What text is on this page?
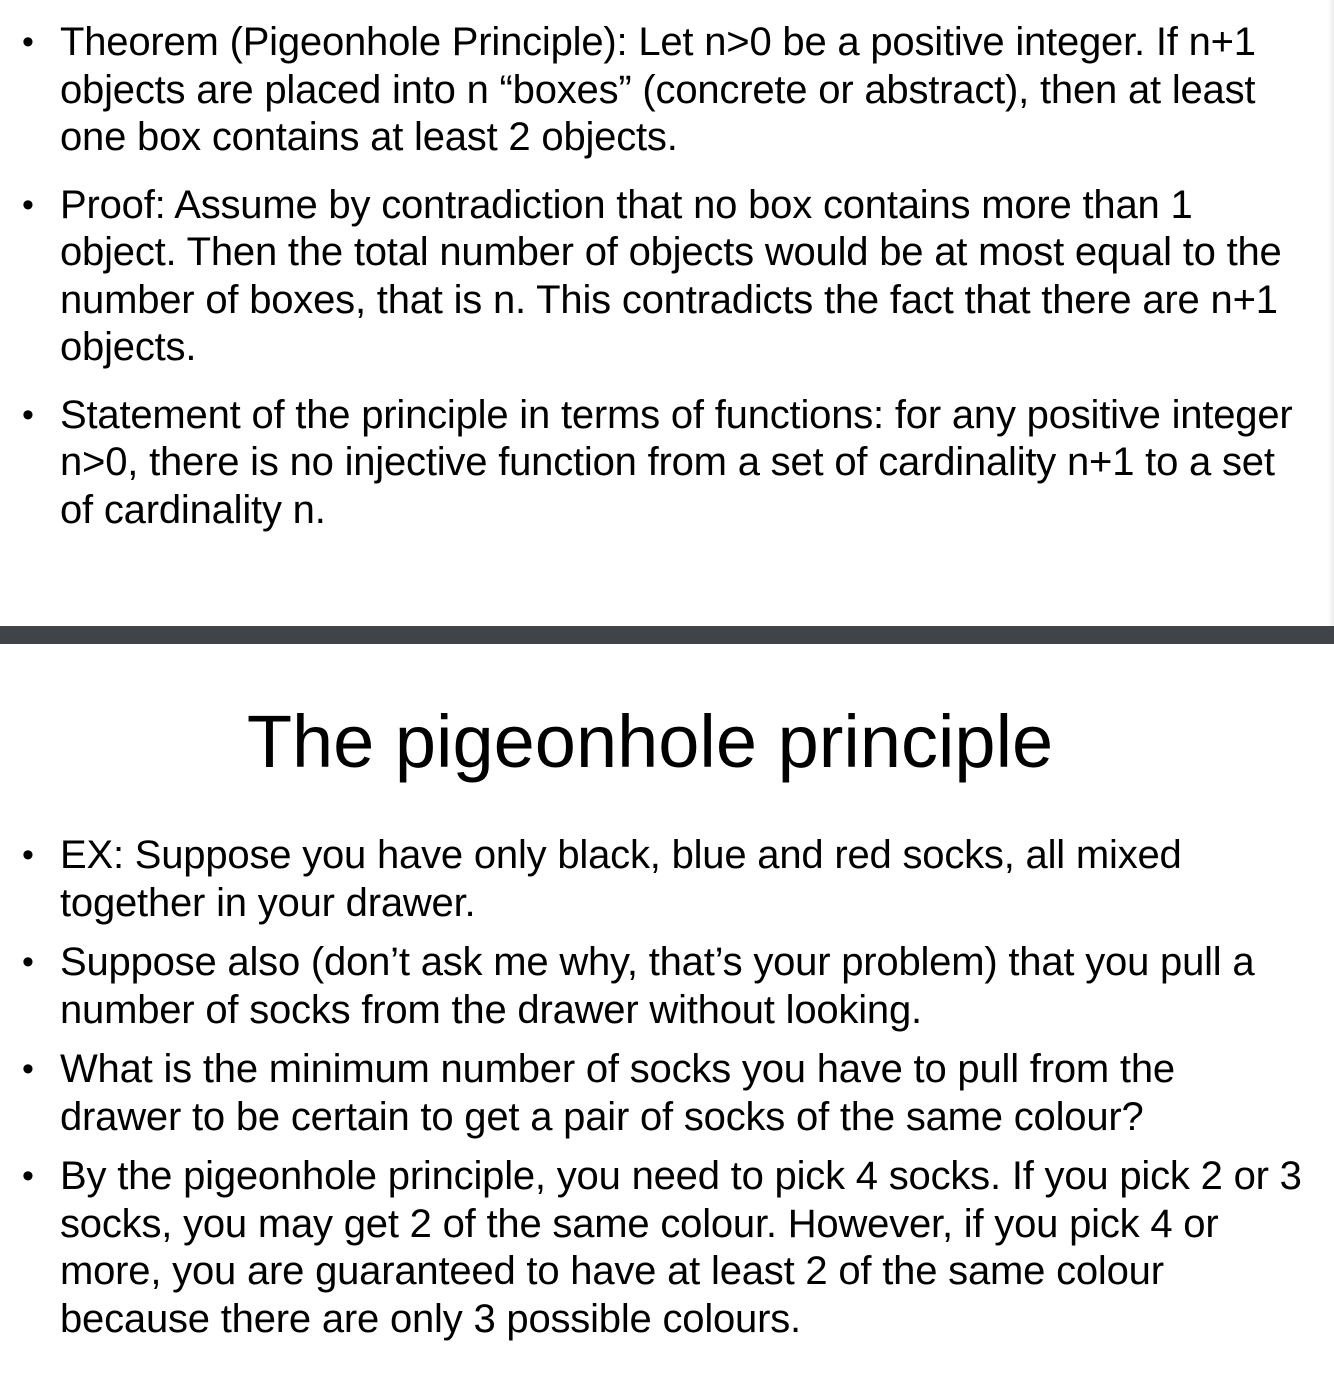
• Theorem (Pigeonhole Principle): Let n>0 be a positive integer. If n+1 objects are placed into n “boxes” (concrete or abstract), then at least one box contains at least 2 objects.
• Proof: Assume by contradiction that no box contains more than 1 object. Then the total number of objects would be at most equal to the number of boxes, that is n. This contradicts the fact that there are n+1 objects.
• Statement of the principle in terms of functions: for any positive integer n>0, there is no injective function from a set of cardinality n+1 to a set of cardinality n.
The pigeonhole principle
• EX: Suppose you have only black, blue and red socks, all mixed together in your drawer.
• Suppose also (don’t ask me why, that’s your problem) that you pull a number of socks from the drawer without looking.
• What is the minimum number of socks you have to pull from the drawer to be certain to get a pair of socks of the same colour?
• By the pigeonhole principle, you need to pick 4 socks. If you pick 2 or 3 socks, you may get 2 of the same colour. However, if you pick 4 or more, you are guaranteed to have at least 2 of the same colour because there are only 3 possible colours.
